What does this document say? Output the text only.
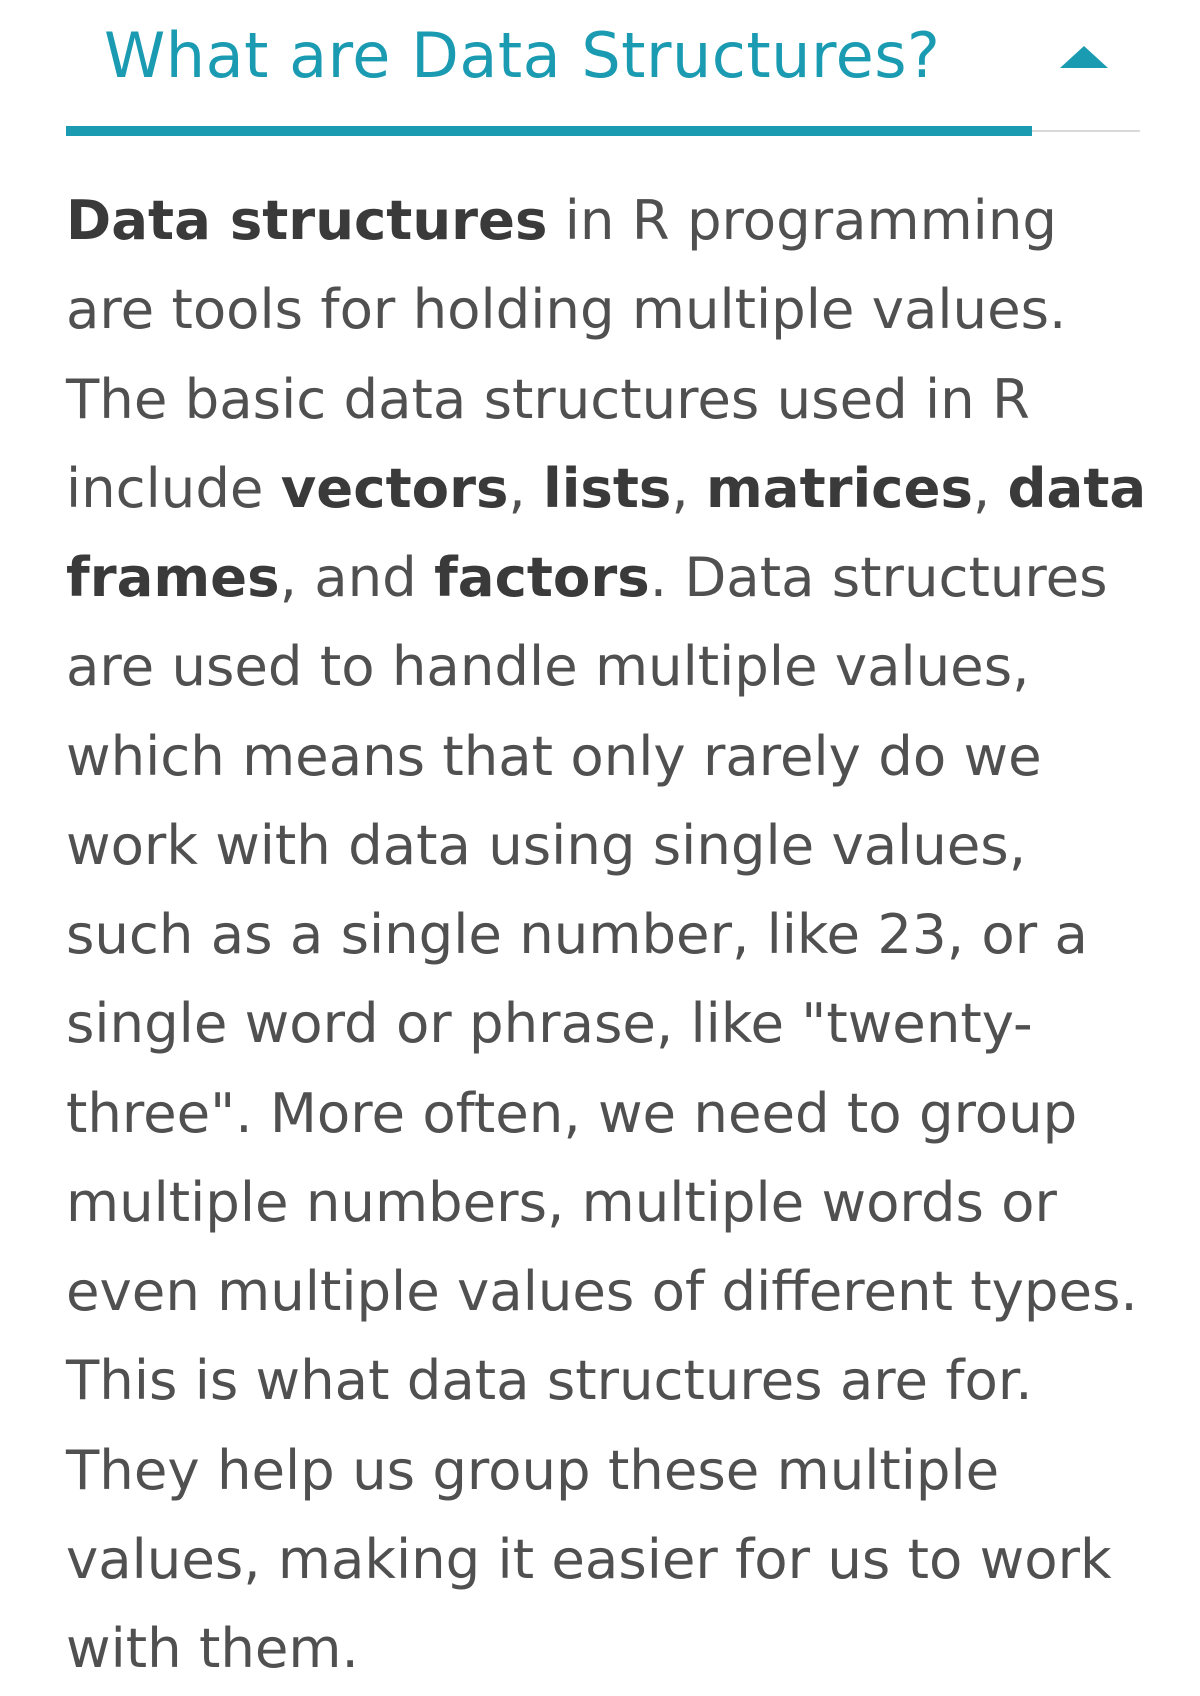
What are Data Structures?

Data structures in R programming
are tools for holding multiple values.
The basic data structures used in R
include vectors, lists, matrices, data
frames, and factors. Data structures
are used to handle multiple values,
which means that only rarely do we
work with data using single values,
such as a single number, like 23, or a
single word or phrase, like "twenty-
three". More often, we need to group
multiple numbers, multiple words or
even multiple values of different types.
This is what data structures are for.
They help us group these multiple
values, making it easier for us to work
with them.
